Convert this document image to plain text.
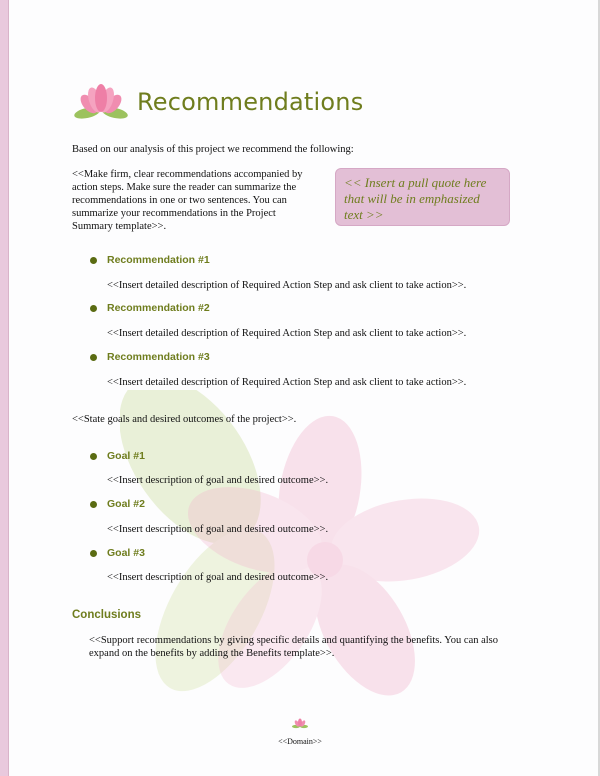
Recommendations

Based on our analysis of this project we recommend the following:

<<Make firm, clear recommendations accompanied by action steps. Make sure the reader can summarize the recommendations in one or two sentences. You can summarize your recommendations in the Project Summary template>>.

<< Insert a pull quote here that will be in emphasized text >>
Recommendation #1

<<Insert detailed description of Required Action Step and ask client to take action>>.

Recommendation #2

<<Insert detailed description of Required Action Step and ask client to take action>>.

Recommendation #3

<<Insert detailed description of Required Action Step and ask client to take action>>.

<<State goals and desired outcomes of the project>>.

Goal #1

<<Insert description of goal and desired outcome>>.

Goal #2

<<Insert description of goal and desired outcome>>.

Goal #3

<<Insert description of goal and desired outcome>>.

Conclusions

<<Support recommendations by giving specific details and quantifying the benefits. You can also expand on the benefits by adding the Benefits template>>.

<<Domain>>
